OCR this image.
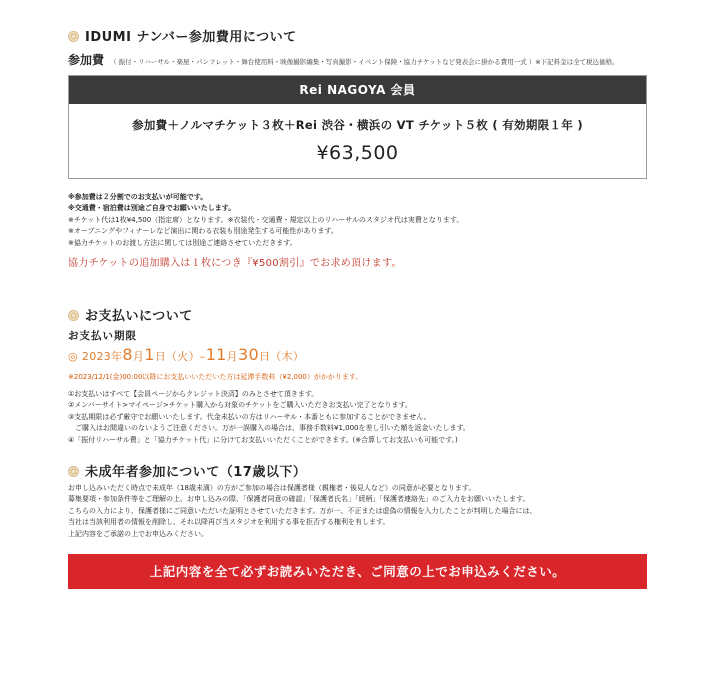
IDUMI ナンバー参加費用について
参加費 （ 振付・リハーサル・楽屋・パンフレット・舞台使用料・映像撮影編集・写真撮影・イベント保険・協力チケットなど発表会に掛かる費用一式 ）※下記料金は全て税込価格。
Rei NAGOYA 会員
参加費＋ノルマチケット３枚＋Rei 渋谷・横浜の VT チケット５枚 ( 有効期限１年 )
¥63,500
※参加費は２分割でのお支払いが可能です。
※交通費・宿泊費は別途ご自身でお願いいたします。
※チケット代は1枚¥4,500（指定席）となります。※衣装代・交通費・規定以上のリハーサルのスタジオ代は実費となります。
※オープニングやフィナーレなど演出に関わる衣装も別途発生する可能性があります。
※協力チケットのお渡し方法に関しては別途ご連絡させていただきます。
協力チケットの追加購入は１枚につき『¥500割引』でお求め頂けます。
お支払いについて
お支払い期限
◎ 2023年8月1日（火）–11月30日（木）
※2023/12/1(金)00:00以降にお支払いいただいた方は延滞手数料（¥2,000）がかかります。
①お支払いはすべて【会員ページからクレジット決済】のみとさせて頂きます。
②メンバーサイト>マイページ>チケット購入から対象のチケットをご購入いただきお支払い完了となります。
③支払期限は必ず厳守でお願いいたします。代金未払いの方はリハーサル・本番ともに参加することができません。
　ご購入はお間違いのないようご注意ください。万が一誤購入の場合は、事務手数料¥1,000を差し引いた額を返金いたします。
④「振付リハーサル費」と「協力チケット代」に分けてお支払いいただくことができます。(※合算してお支払いも可能です。)
未成年者参加について（17歳以下）
お申し込みいただく時点で未成年（18歳未満）の方がご参加の場合は保護者様（親権者・後見人など）の同意が必要となります。
募集要項・参加条件等をご理解の上、お申し込みの際、「保護者同意の確認」「保護者氏名」「続柄」「保護者連絡先」のご入力をお願いいたします。
こちらの入力により、保護者様にご同意いただいた証明とさせていただきます。万が一、不正または虚偽の情報を入力したことが判明した場合には、
当社は当該利用者の情報を削除し、それ以降再び当スタジオを利用する事を拒否する権利を有します。
上記内容をご承諾の上でお申込みください。
上記内容を全て必ずお読みいただき、ご同意の上でお申込みください。
